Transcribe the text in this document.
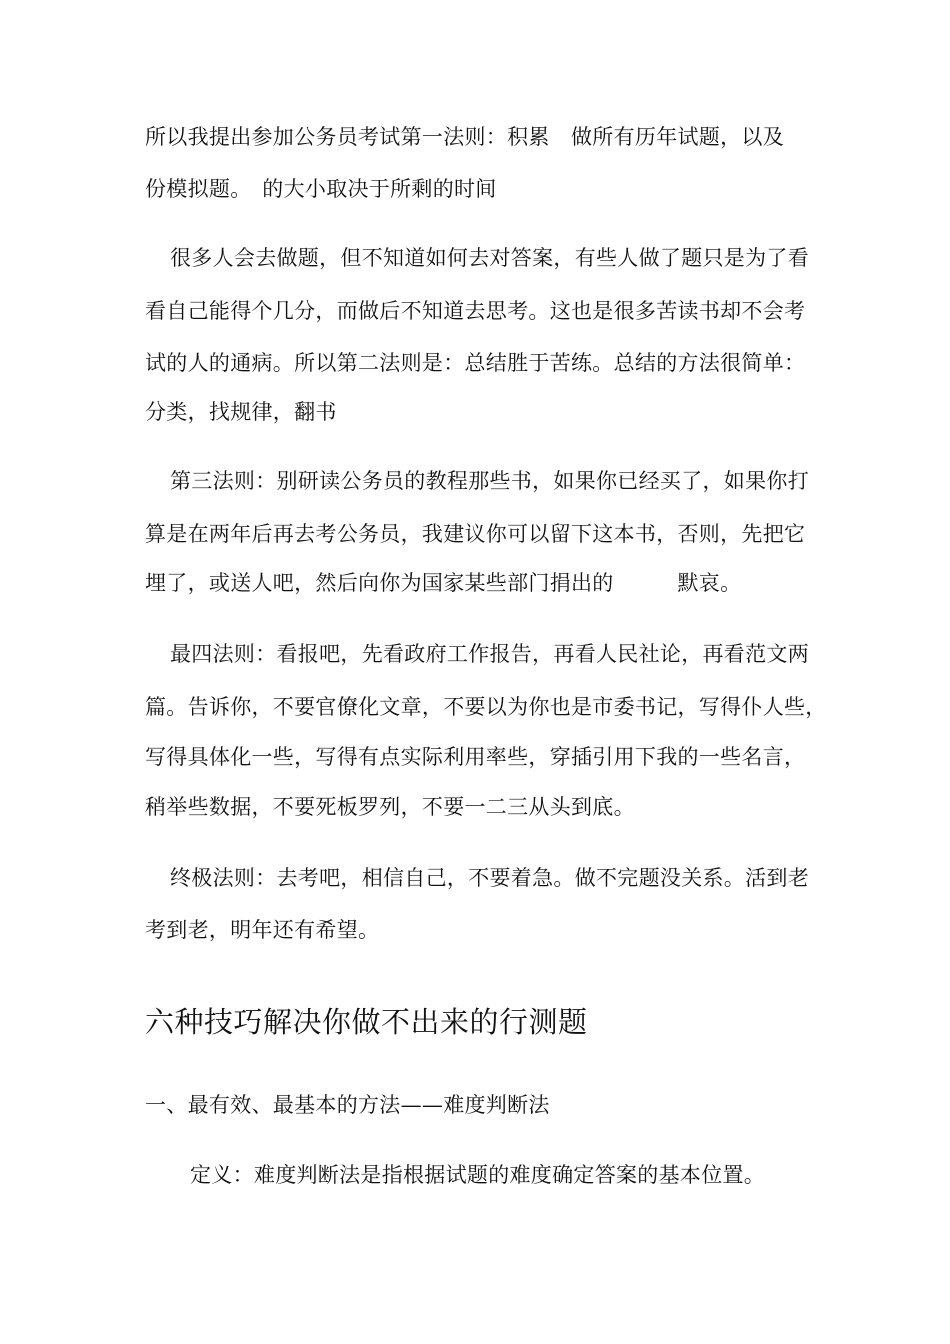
所以我提出参加公务员考试第一法则：积累　做所有历年试题，以及
份模拟题。　的大小取决于所剩的时间
很多人会去做题，但不知道如何去对答案，有些人做了题只是为了看
看自己能得个几分，而做后不知道去思考。这也是很多苦读书却不会考
试的人的通病。所以第二法则是：总结胜于苦练。总结的方法很简单：
分类，找规律，翻书
第三法则：别研读公务员的教程那些书，如果你已经买了，如果你打
算是在两年后再去考公务员，我建议你可以留下这本书，否则，先把它
埋了，或送人吧，然后向你为国家某些部门捐出的　　　默哀。
最四法则：看报吧，先看政府工作报告，再看人民社论，再看范文两
篇。告诉你，不要官僚化文章，不要以为你也是市委书记，写得仆人些，
写得具体化一些，写得有点实际利用率些，穿插引用下我的一些名言，
稍举些数据，不要死板罗列，不要一二三从头到底。
终极法则：去考吧，相信自己，不要着急。做不完题没关系。活到老
考到老，明年还有希望。
六种技巧解决你做不出来的行测题
一、最有效、最基本的方法——难度判断法
定义：难度判断法是指根据试题的难度确定答案的基本位置。
